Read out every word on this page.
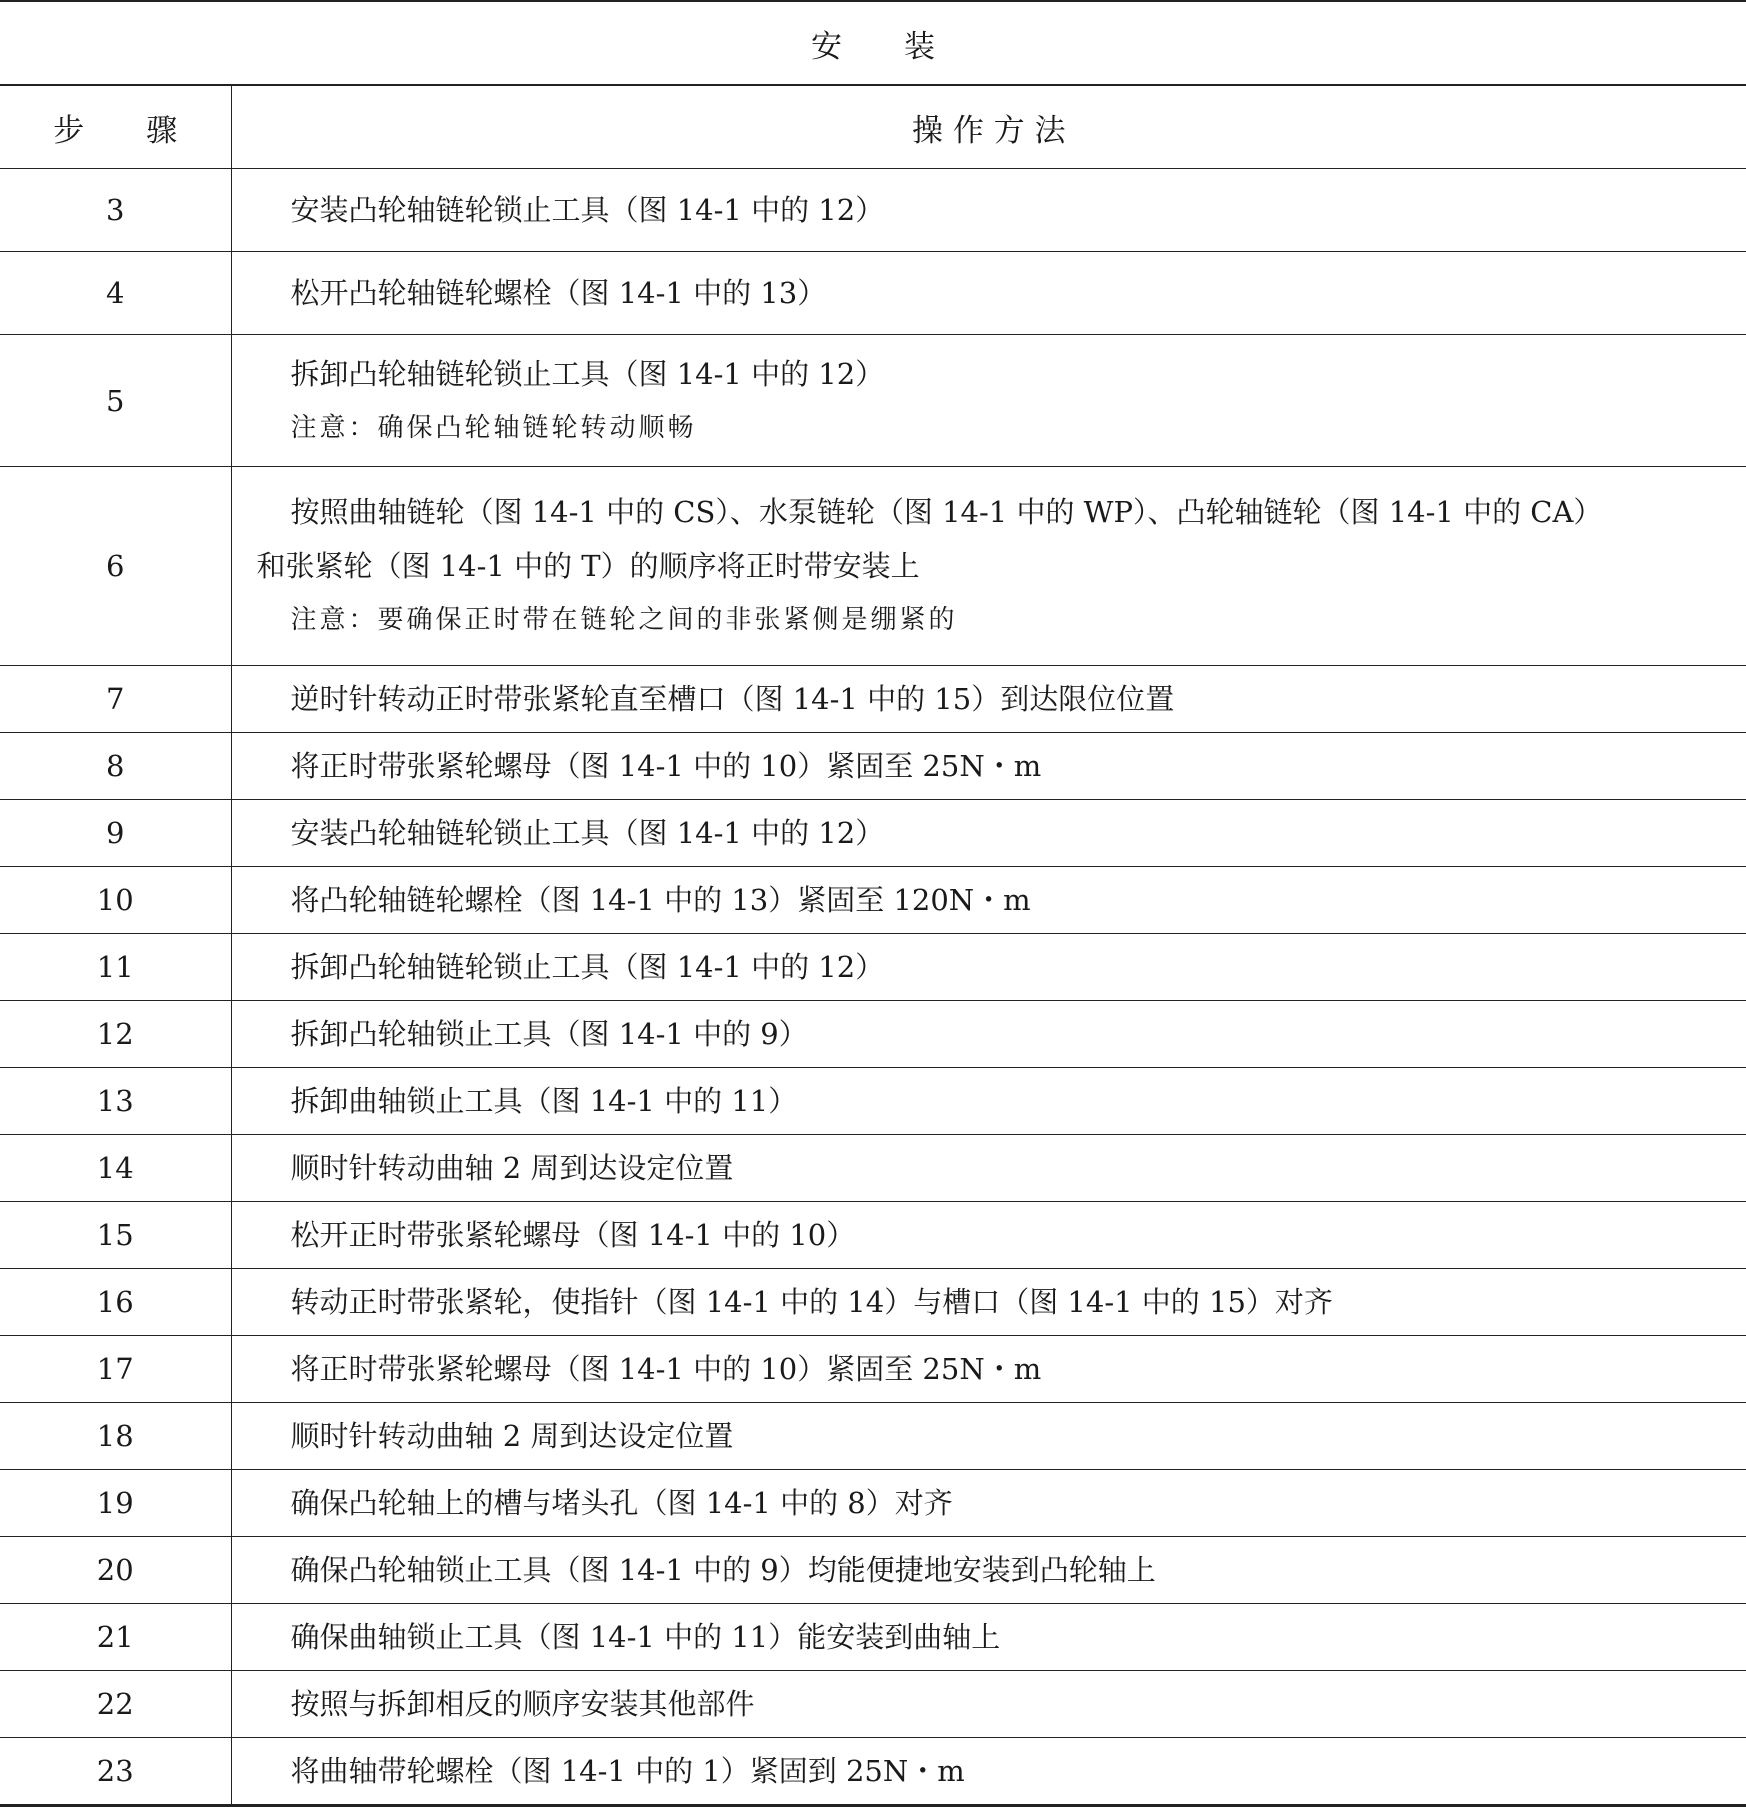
安　　装	
步　　骤	操 作 方 法
3	安装凸轮轴链轮锁止工具（图 14-1 中的 12）

4	松开凸轮轴链轮螺栓（图 14-1 中的 13）

5	拆卸凸轮轴链轮锁止工具（图 14-1 中的 12）
注意：确保凸轮轴链轮转动顺畅

6	按照曲轴链轮（图 14-1 中的 CS）、水泵链轮（图 14-1 中的 WP）、凸轮轴链轮（图 14-1 中的 CA）
和张紧轮（图 14-1 中的 T）的顺序将正时带安装上
注意：要确保正时带在链轮之间的非张紧侧是绷紧的

7	逆时针转动正时带张紧轮直至槽口（图 14-1 中的 15）到达限位位置

8	将正时带张紧轮螺母（图 14-1 中的 10）紧固至 25N・m

9	安装凸轮轴链轮锁止工具（图 14-1 中的 12）

10	将凸轮轴链轮螺栓（图 14-1 中的 13）紧固至 120N・m

11	拆卸凸轮轴链轮锁止工具（图 14-1 中的 12）

12	拆卸凸轮轴锁止工具（图 14-1 中的 9）

13	拆卸曲轴锁止工具（图 14-1 中的 11）

14	顺时针转动曲轴 2 周到达设定位置

15	松开正时带张紧轮螺母（图 14-1 中的 10）

16	转动正时带张紧轮，使指针（图 14-1 中的 14）与槽口（图 14-1 中的 15）对齐

17	将正时带张紧轮螺母（图 14-1 中的 10）紧固至 25N・m

18	顺时针转动曲轴 2 周到达设定位置

19	确保凸轮轴上的槽与堵头孔（图 14-1 中的 8）对齐

20	确保凸轮轴锁止工具（图 14-1 中的 9）均能便捷地安装到凸轮轴上

21	确保曲轴锁止工具（图 14-1 中的 11）能安装到曲轴上

22	按照与拆卸相反的顺序安装其他部件

23	将曲轴带轮螺栓（图 14-1 中的 1）紧固到 25N・m
